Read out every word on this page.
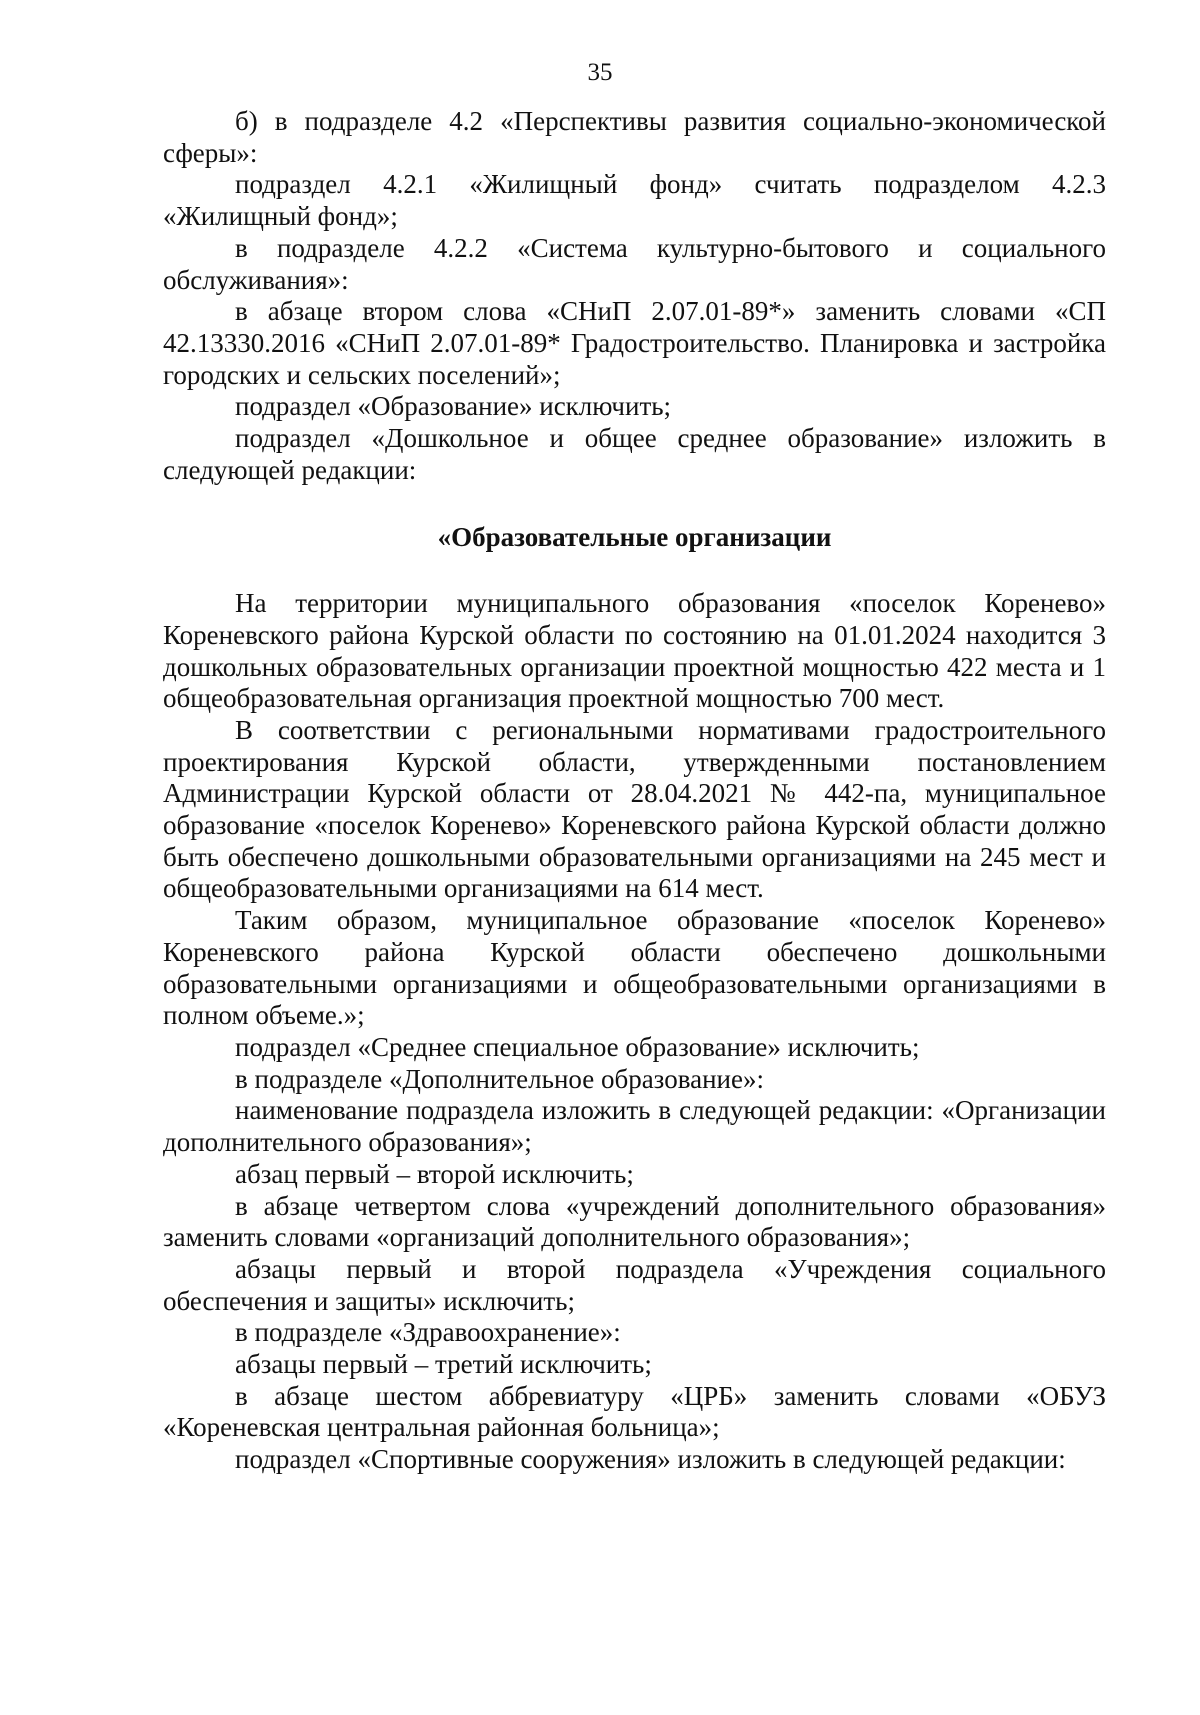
35

б) в подразделе 4.2 «Перспективы развития социально-экономической сферы»:

подраздел 4.2.1 «Жилищный фонд» считать подразделом 4.2.3 «Жилищный фонд»;

в подразделе 4.2.2 «Система культурно-бытового и социального обслуживания»:

в абзаце втором слова «СНиП 2.07.01-89*» заменить словами «СП 42.13330.2016 «СНиП 2.07.01-89* Градостроительство. Планировка и застройка городских и сельских поселений»;

подраздел «Образование» исключить;

подраздел «Дошкольное и общее среднее образование» изложить в следующей редакции:

«Образовательные организации

На территории муниципального образования «поселок Коренево» Кореневского района Курской области по состоянию на 01.01.2024 находится 3 дошкольных образовательных организации проектной мощностью 422 места и 1 общеобразовательная организация проектной мощностью 700 мест.

В соответствии с региональными нормативами градостроительного проектирования Курской области, утвержденными постановлением Администрации Курской области от 28.04.2021 № 442-па, муниципальное образование «поселок Коренево» Кореневского района Курской области должно быть обеспечено дошкольными образовательными организациями на 245 мест и общеобразовательными организациями на 614 мест.

Таким образом, муниципальное образование «поселок Коренево» Кореневского района Курской области обеспечено дошкольными образовательными организациями и общеобразовательными организациями в полном объеме.»;

подраздел «Среднее специальное образование» исключить;

в подразделе «Дополнительное образование»:

наименование подраздела изложить в следующей редакции: «Организации дополнительного образования»;

абзац первый – второй исключить;

в абзаце четвертом слова «учреждений дополнительного образования» заменить словами «организаций дополнительного образования»;

абзацы первый и второй подраздела «Учреждения социального обеспечения и защиты» исключить;

в подразделе «Здравоохранение»:

абзацы первый – третий исключить;

в абзаце шестом аббревиатуру «ЦРБ» заменить словами «ОБУЗ «Кореневская центральная районная больница»;

подраздел «Спортивные сооружения» изложить в следующей редакции:
